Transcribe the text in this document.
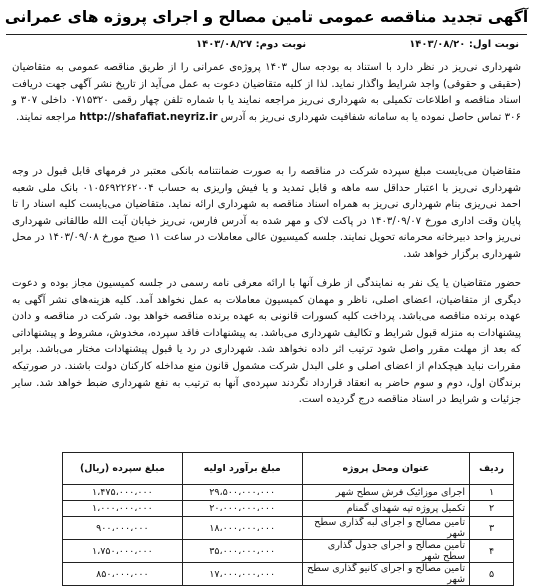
آگهی تجدید مناقصه عمومی تامین مصالح و اجرای پروژه های عمرانی
نوبت اول: ۱۴۰۳/۰۸/۲۰
نوبت دوم: ۱۴۰۳/۰۸/۲۷
شهرداری نی‌ریز در نظر دارد با استناد به بودجه سال ۱۴۰۳ پروژه‌ی عمرانی را از طریق مناقصه عمومی به متقاضیان (حقیقی و حقوقی) واجد شرایط واگذار نماید. لذا از کلیه متقاضیان دعوت به عمل می‌آید از تاریخ نشر آگهی جهت دریافت اسناد مناقصه و اطلاعات تکمیلی به شهرداری نی‌ریز مراجعه نمایند یا با شماره تلفن چهار رقمی ۰۷۱۵۳۲۰ داخلی ۳۰۷ و ۳۰۶ تماس حاصل نموده یا به سامانه شفافیت شهرداری نی‌ریز به آدرس http://shafafiat.neyriz.ir مراجعه نمایند.
متقاضیان می‌بایست مبلغ سپرده شرکت در مناقصه را به صورت ضمانتنامه بانکی معتبر در فرمهای قابل قبول در وجه شهرداری نی‌ریز با اعتبار حداقل سه ماهه و قابل تمدید و یا فیش واریزی به حساب ۰۱۰۵۶۹۲۲۶۲۰۰۴ بانک ملی شعبه احمد نی‌ریزی بنام شهرداری نی‌ریز به همراه اسناد مناقصه به شهرداری ارائه نماید. متقاضیان می‌بایست کلیه اسناد را تا پایان وقت اداری مورخ ۱۴۰۳/۰۹/۰۷ در پاکت لاک و مهر شده به آدرس فارس، نی‌ریز خیابان آیت الله طالقانی شهرداری نی‌ریز واحد دبیرخانه محرمانه تحویل نمایند. جلسه کمیسیون عالی معاملات در ساعت ۱۱ صبح مورخ ۱۴۰۳/۰۹/۰۸ در محل شهرداری برگزار خواهد شد.
حضور متقاضیان یا یک نفر به نمایندگی از طرف آنها با ارائه معرفی نامه رسمی در جلسه کمیسیون مجاز بوده و دعوت دیگری از متقاضیان، اعضای اصلی، ناظر و مهمان کمیسیون معاملات به عمل نخواهد آمد. کلیه هزینه‌های نشر آگهی به عهده برنده مناقصه می‌باشد. پرداخت کلیه کسورات قانونی به عهده برنده مناقصه خواهد بود. شرکت در مناقصه و دادن پیشنهادات به منزله قبول شرایط و تکالیف شهرداری می‌باشد. به پیشنهادات فاقد سپرده، مخدوش، مشروط و پیشنهاداتی که بعد از مهلت مقرر واصل شود ترتیب اثر داده نخواهد شد. شهرداری در رد یا قبول پیشنهادات مختار می‌باشد. برابر مقررات نباید هیچکدام از اعضای اصلی و علی البدل شرکت مشمول قانون منع مداخله کارکنان دولت باشند. در صورتیکه برندگان اول، دوم و سوم حاضر به انعقاد قرارداد نگردند سپرده‌ی آنها به ترتیب به نفع شهرداری ضبط خواهد شد. سایر جزئیات و شرایط در اسناد مناقصه درج گردیده است.
ردیف	عنوان ومحل پروژه	مبلغ برآورد اولیه	مبلغ سپرده (ریال)
۱	اجرای موزائیک فرش سطح شهر	۲۹،۵۰۰،۰۰۰،۰۰۰	۱،۴۷۵،۰۰۰،۰۰۰
۲	تکمیل پروژه تپه شهدای گمنام	۲۰،۰۰۰،۰۰۰،۰۰۰	۱،۰۰۰،۰۰۰،۰۰۰
۳	تامین مصالح و اجرای لبه گذاری سطح شهر	۱۸،۰۰۰،۰۰۰،۰۰۰	۹۰۰،۰۰۰،۰۰۰
۴	تامین مصالح و اجرای جدول گذاری سطح شهر	۳۵،۰۰۰،۰۰۰،۰۰۰	۱،۷۵۰،۰۰۰،۰۰۰
۵	تامین مصالح و اجرای کانیو گذاری سطح شهر	۱۷،۰۰۰،۰۰۰،۰۰۰	۸۵۰،۰۰۰،۰۰۰
